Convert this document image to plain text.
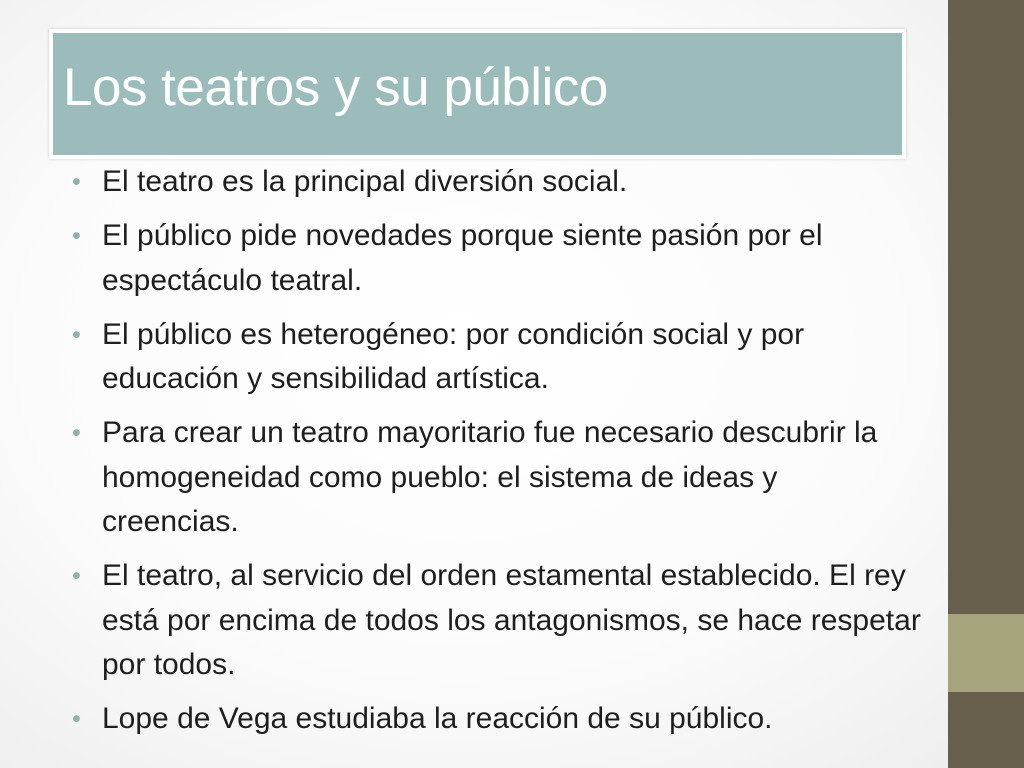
Los teatros y su público
• El teatro es la principal diversión social.
• El público pide novedades porque siente pasión por el espectáculo teatral.
• El público es heterogéneo: por condición social y por educación y sensibilidad artística.
• Para crear un teatro mayoritario fue necesario descubrir la homogeneidad como pueblo: el sistema de ideas y creencias.
• El teatro, al servicio del orden estamental establecido. El rey está por encima de todos los antagonismos, se hace respetar por todos.
• Lope de Vega estudiaba la reacción de su público.
